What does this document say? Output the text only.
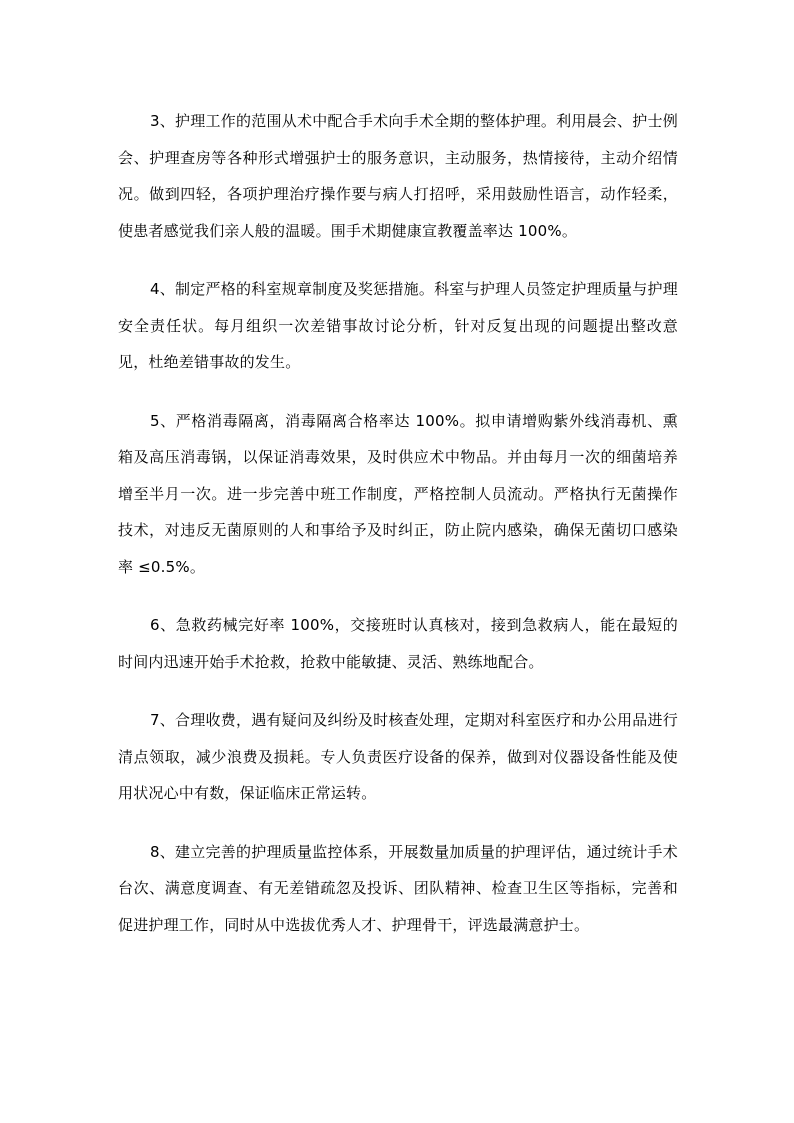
3、护理工作的范围从术中配合手术向手术全期的整体护理。利用晨会、护士例会、护理查房等各种形式增强护士的服务意识，主动服务，热情接待，主动介绍情况。做到四轻，各项护理治疗操作要与病人打招呼，采用鼓励性语言，动作轻柔，使患者感觉我们亲人般的温暖。围手术期健康宣教覆盖率达 100%。

4、制定严格的科室规章制度及奖惩措施。科室与护理人员签定护理质量与护理安全责任状。每月组织一次差错事故讨论分析，针对反复出现的问题提出整改意见，杜绝差错事故的发生。

5、严格消毒隔离，消毒隔离合格率达 100%。拟申请增购紫外线消毒机、熏箱及高压消毒锅，以保证消毒效果，及时供应术中物品。并由每月一次的细菌培养增至半月一次。进一步完善中班工作制度，严格控制人员流动。严格执行无菌操作技术，对违反无菌原则的人和事给予及时纠正，防止院内感染，确保无菌切口感染率 ≤0.5%。

6、急救药械完好率 100%，交接班时认真核对，接到急救病人，能在最短的时间内迅速开始手术抢救，抢救中能敏捷、灵活、熟练地配合。

7、合理收费，遇有疑问及纠纷及时核查处理，定期对科室医疗和办公用品进行清点领取，减少浪费及损耗。专人负责医疗设备的保养，做到对仪器设备性能及使用状况心中有数，保证临床正常运转。

8、建立完善的护理质量监控体系，开展数量加质量的护理评估，通过统计手术台次、满意度调查、有无差错疏忽及投诉、团队精神、检查卫生区等指标，完善和促进护理工作，同时从中选拔优秀人才、护理骨干，评选最满意护士。
